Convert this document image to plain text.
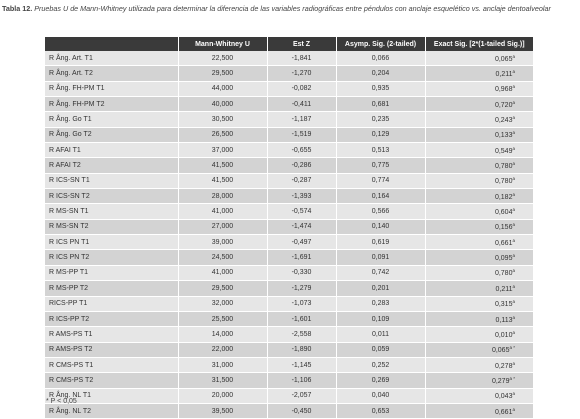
Tabla 12. Pruebas U de Mann-Whitney utilizada para determinar la diferencia de las variables radiográficas entre péndulos con anclaje esquelético vs. anclaje dentoalveolar
	Mann-Whitney U	Est Z	Asymp. Sig. (2-tailed)	Exact Sig. [2*(1-tailed Sig.)]
R Ång. Art. T1	22,500	-1,841	0,066	0,065$^a$
R Ång. Art. T2	29,500	-1,270	0,204	0,211$^a$
R Ång. FH-PM T1	44,000	-0,082	0,935	0,968$^a$
R Ång. FH-PM T2	40,000	-0,411	0,681	0,720$^a$
R Ång. Go T1	30,500	-1,187	0,235	0,243$^a$
R Ång. Go T2	26,500	-1,519	0,129	0,133$^a$
R AFAI T1	37,000	-0,655	0,513	0,549$^a$
R AFAI T2	41,500	-0,286	0,775	0,780$^a$
R ICS-SN T1	41,500	-0,287	0,774	0,780$^a$
R ICS-SN T2	28,000	-1,393	0,164	0,182$^a$
R MS-SN T1	41,000	-0,574	0,566	0,604$^a$
R MS-SN T2	27,000	-1,474	0,140	0,156$^a$
R ICS PN T1	39,000	-0,497	0,619	0,661$^a$
R ICS PN T2	24,500	-1,691	0,091	0,095$^a$
R MS-PP T1	41,000	-0,330	0,742	0,780$^a$
R MS-PP T2	29,500	-1,279	0,201	0,211$^a$
RICS-PP T1	32,000	-1,073	0,283	0,315$^a$
R ICS-PP T2	25,500	-1,601	0,109	0,113$^a$
R AMS-PS T1	14,000	-2,558	0,011	0,010$^a$
R AMS-PS T2	22,000	-1,890	0,059	$0,065^{a *}$
R CMS-PS T1	31,000	-1,145	0,252	0,278$^a$
R CMS-PS T2	31,500	-1,106	0,269	$0,279^{a *}$
R Ång. NL T1	20,000	-2,057	0,040	0,043$^a$
R Ång. NL T2	39,500	-0,450	0,653	0,661$^a$
* P < 0,05
